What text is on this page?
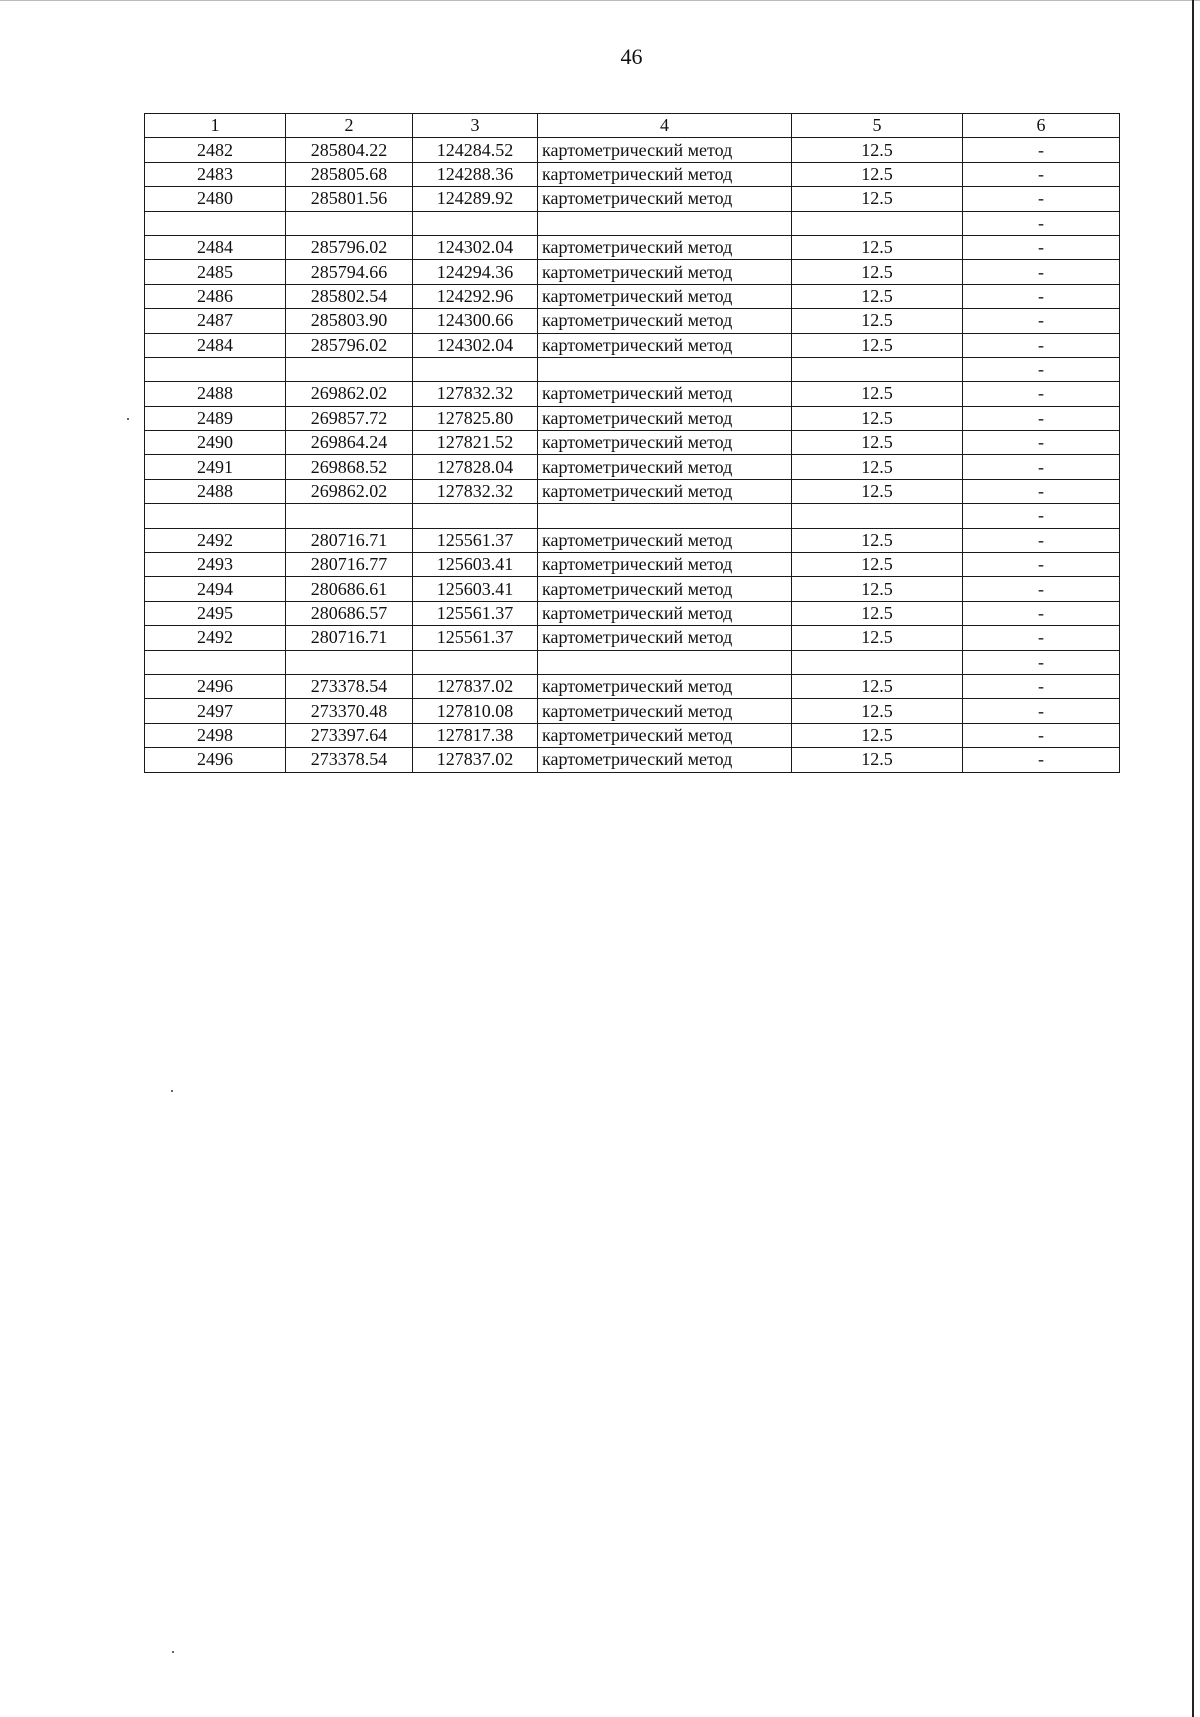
46
1	2	3	4	5	6
2482	285804.22	124284.52	картометрический метод	12.5	-
2483	285805.68	124288.36	картометрический метод	12.5	-
2480	285801.56	124289.92	картометрический метод	12.5	-
					-
2484	285796.02	124302.04	картометрический метод	12.5	-
2485	285794.66	124294.36	картометрический метод	12.5	-
2486	285802.54	124292.96	картометрический метод	12.5	-
2487	285803.90	124300.66	картометрический метод	12.5	-
2484	285796.02	124302.04	картометрический метод	12.5	-
					-
2488	269862.02	127832.32	картометрический метод	12.5	-
2489	269857.72	127825.80	картометрический метод	12.5	-
2490	269864.24	127821.52	картометрический метод	12.5	-
2491	269868.52	127828.04	картометрический метод	12.5	-
2488	269862.02	127832.32	картометрический метод	12.5	-
					-
2492	280716.71	125561.37	картометрический метод	12.5	-
2493	280716.77	125603.41	картометрический метод	12.5	-
2494	280686.61	125603.41	картометрический метод	12.5	-
2495	280686.57	125561.37	картометрический метод	12.5	-
2492	280716.71	125561.37	картометрический метод	12.5	-
					-
2496	273378.54	127837.02	картометрический метод	12.5	-
2497	273370.48	127810.08	картометрический метод	12.5	-
2498	273397.64	127817.38	картометрический метод	12.5	-
2496	273378.54	127837.02	картометрический метод	12.5	-
